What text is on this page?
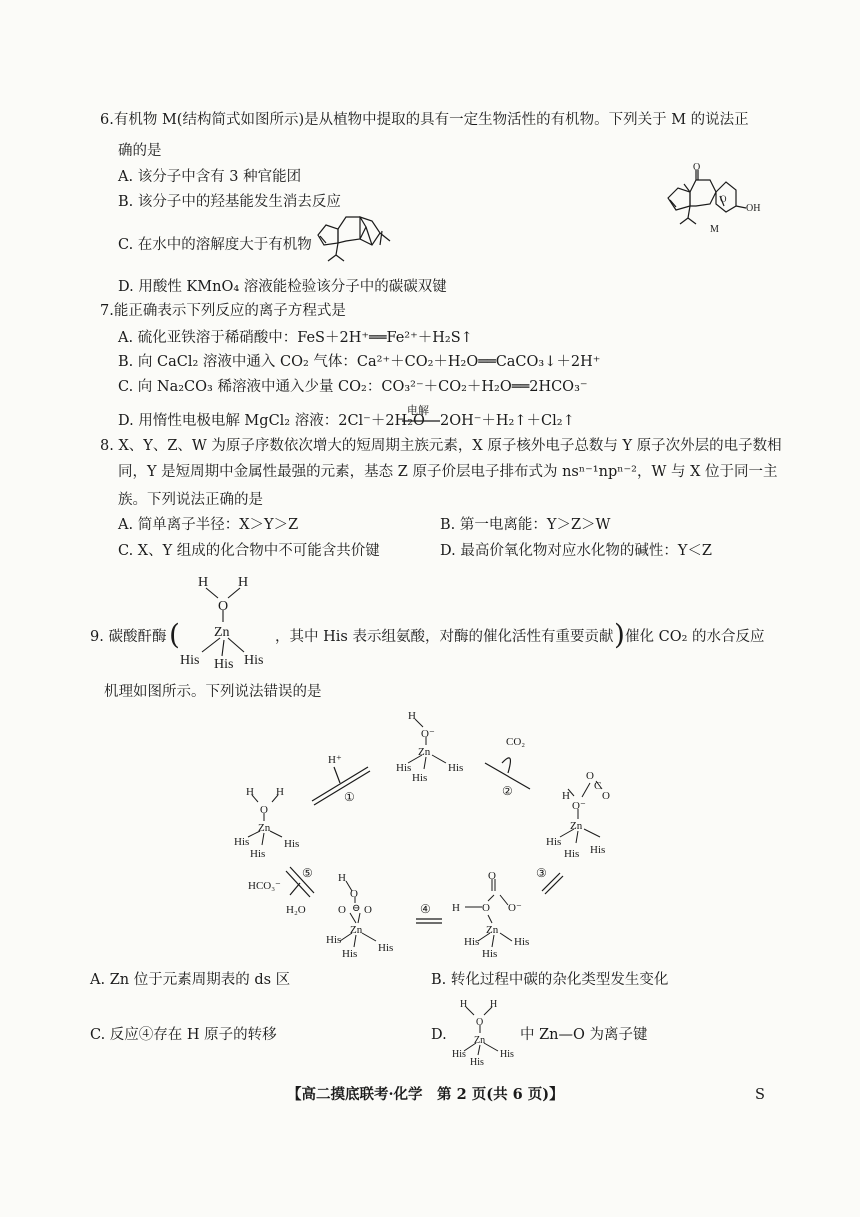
6.有机物 M(结构简式如图所示)是从植物中提取的具有一定生物活性的有机物。下列关于 M 的说法正
确的是
A. 该分子中含有 3 种官能团
B. 该分子中的羟基能发生消去反应
C. 在水中的溶解度大于有机物
D. 用酸性 KMnO₄ 溶液能检验该分子中的碳碳双键
O
O
OH
M
7.能正确表示下列反应的离子方程式是
A. 硫化亚铁溶于稀硝酸中：FeS＋2H⁺══Fe²⁺＋H₂S↑
B. 向 CaCl₂ 溶液中通入 CO₂ 气体：Ca²⁺＋CO₂＋H₂O══CaCO₃↓＋2H⁺
C. 向 Na₂CO₃ 稀溶液中通入少量 CO₂：CO₃²⁻＋CO₂＋H₂O══2HCO₃⁻
D. 用惰性电极电解 MgCl₂ 溶液：2Cl⁻＋2H₂O
电解
2OH⁻＋H₂↑＋Cl₂↑
8. X、Y、Z、W 为原子序数依次增大的短周期主族元素，X 原子核外电子总数与 Y 原子次外层的电子数相
同，Y 是短周期中金属性最强的元素，基态 Z 原子价层电子排布式为 nsⁿ⁻¹npⁿ⁻²，W 与 X 位于同一主
族。下列说法正确的是
A. 简单离子半径：X＞Y＞Z	B. 第一电离能：Y＞Z＞W
C. X、Y 组成的化合物中不可能含共价键	D. 最高价氧化物对应水化物的碱性：Y＜Z
9. 碳酸酐酶 (
H H
O
Zn
His His His
，其中 His 表示组氨酸，对酶的催化活性有重要贡献 ) 催化 CO₂ 的水合反应
机理如图所示。下列说法错误的是
H
O⁻
Zn
His	His
His
H H
O
Zn
His	His
His
O
C
O
H
O⁻
Zn
His
His
His
O
H O O⁻
Zn
His	His
His
H
O
O ⊖ O
Zn
His
His
His
H⁺
①
CO₂
②
③
④
⑤
HCO₃⁻
H₂O
A. Zn 位于元素周期表的 ds 区	B. 转化过程中碳的杂化类型发生变化
C. 反应④存在 H 原子的转移	D.
H H
O
Zn
His	His
His
中 Zn—O 为离子键
【高二摸底联考·化学　第 2 页(共 6 页)】	S
